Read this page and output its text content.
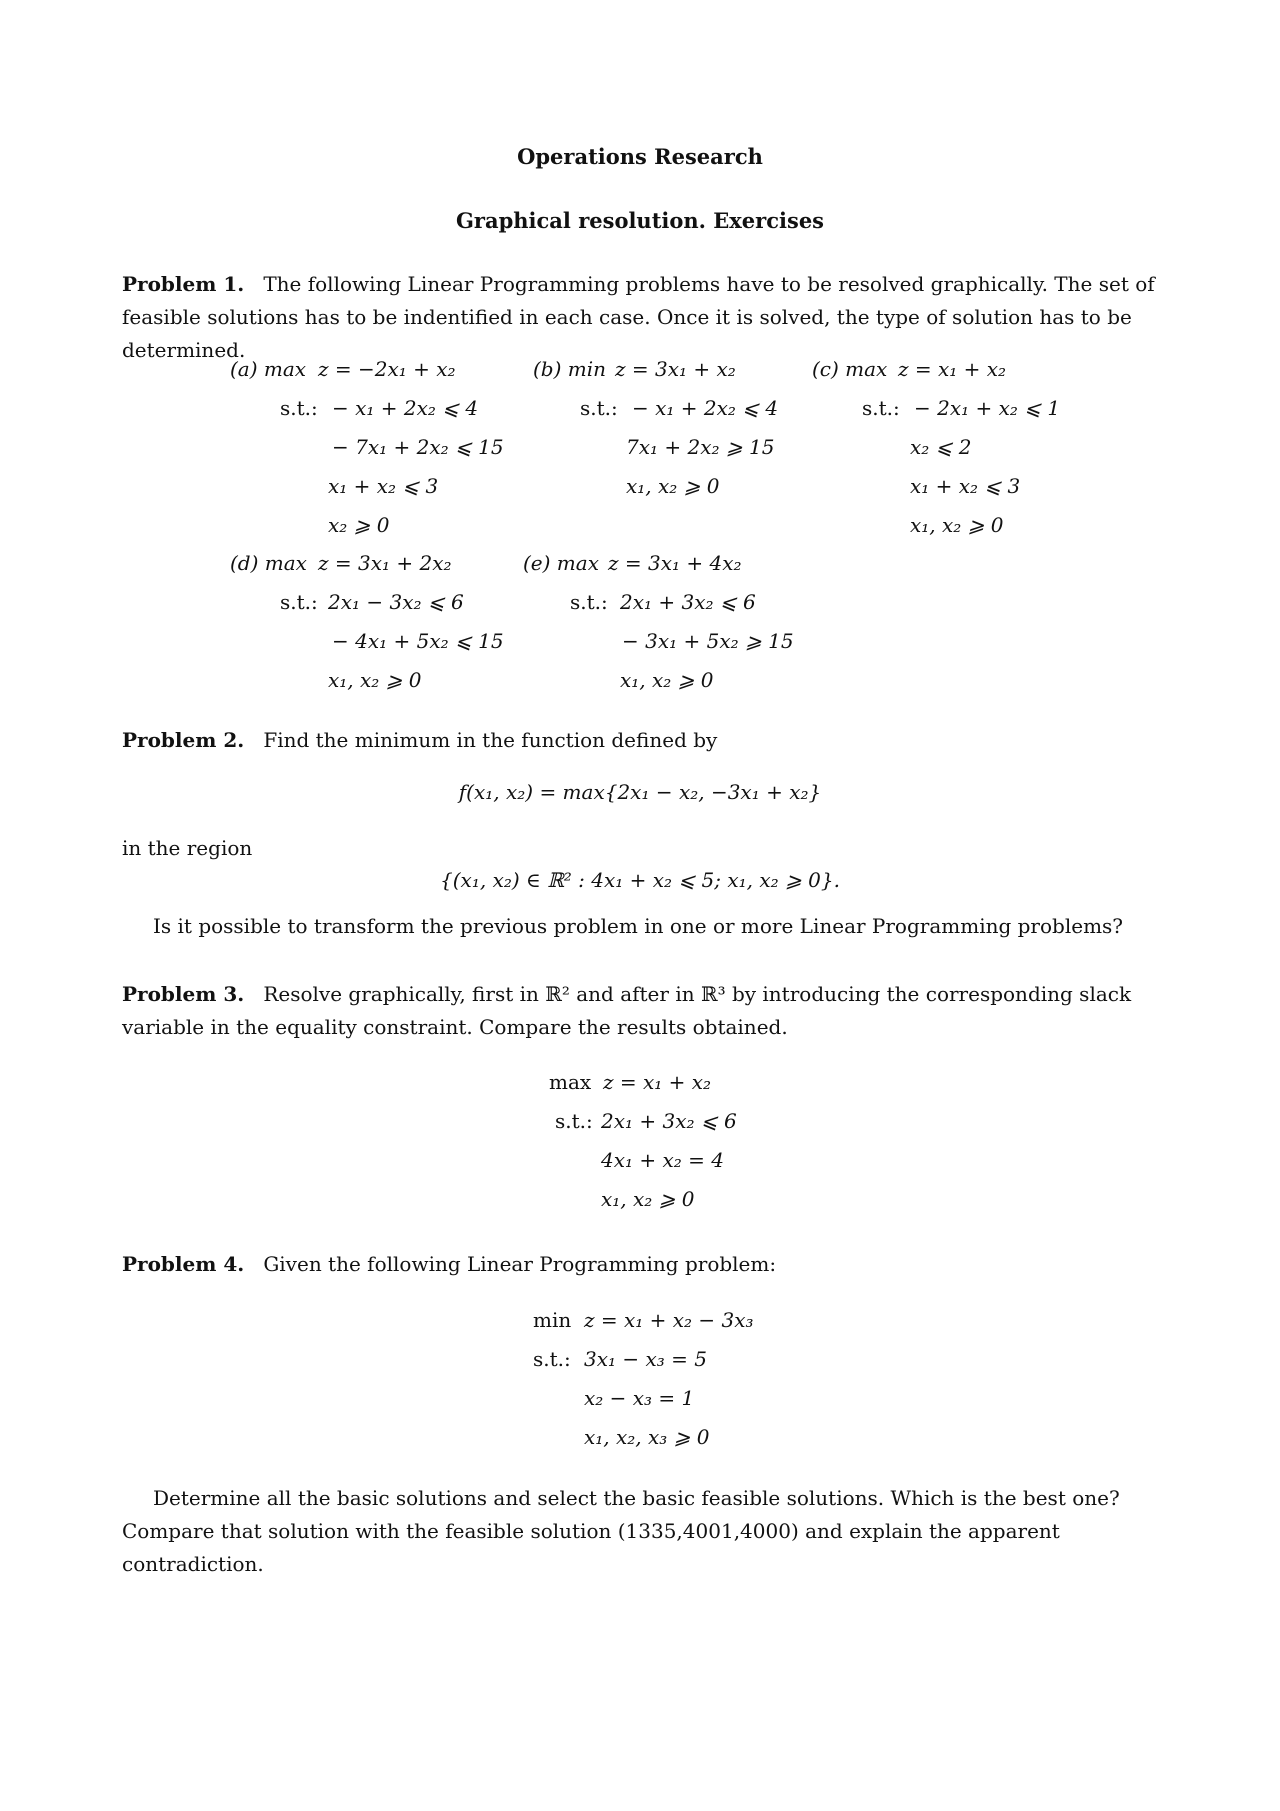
Operations Research
Graphical resolution. Exercises
Problem 1. The following Linear Programming problems have to be resolved graphically. The set of feasible solutions has to be indentified in each case. Once it is solved, the type of solution has to be determined.
(a) max z = −2x₁ + x₂
s.t.: − x₁ + 2x₂ ⩽ 4
− 7x₁ + 2x₂ ⩽ 15
x₁ + x₂ ⩽ 3
x₂ ⩾ 0
(b) min z = 3x₁ + x₂
s.t.: − x₁ + 2x₂ ⩽ 4
7x₁ + 2x₂ ⩾ 15
x₁, x₂ ⩾ 0
(c) max z = x₁ + x₂
s.t.: − 2x₁ + x₂ ⩽ 1
x₂ ⩽ 2
x₁ + x₂ ⩽ 3
x₁, x₂ ⩾ 0
(d) max z = 3x₁ + 2x₂
s.t.: 2x₁ − 3x₂ ⩽ 6
− 4x₁ + 5x₂ ⩽ 15
x₁, x₂ ⩾ 0
(e) max z = 3x₁ + 4x₂
s.t.: 2x₁ + 3x₂ ⩽ 6
− 3x₁ + 5x₂ ⩾ 15
x₁, x₂ ⩾ 0
Problem 2. Find the minimum in the function defined by
f(x₁, x₂) = max{2x₁ − x₂, −3x₁ + x₂}
in the region
{(x₁, x₂) ∈ ℝ² : 4x₁ + x₂ ⩽ 5; x₁, x₂ ⩾ 0}.
Is it possible to transform the previous problem in one or more Linear Programming problems?
Problem 3. Resolve graphically, first in ℝ² and after in ℝ³ by introducing the corresponding slack variable in the equality constraint. Compare the results obtained.
max z = x₁ + x₂
s.t.: 2x₁ + 3x₂ ⩽ 6
4x₁ + x₂ = 4
x₁, x₂ ⩾ 0
Problem 4. Given the following Linear Programming problem:
min z = x₁ + x₂ − 3x₃
s.t.: 3x₁ − x₃ = 5
x₂ − x₃ = 1
x₁, x₂, x₃ ⩾ 0
Determine all the basic solutions and select the basic feasible solutions. Which is the best one? Compare that solution with the feasible solution (1335,4001,4000) and explain the apparent contradiction.
